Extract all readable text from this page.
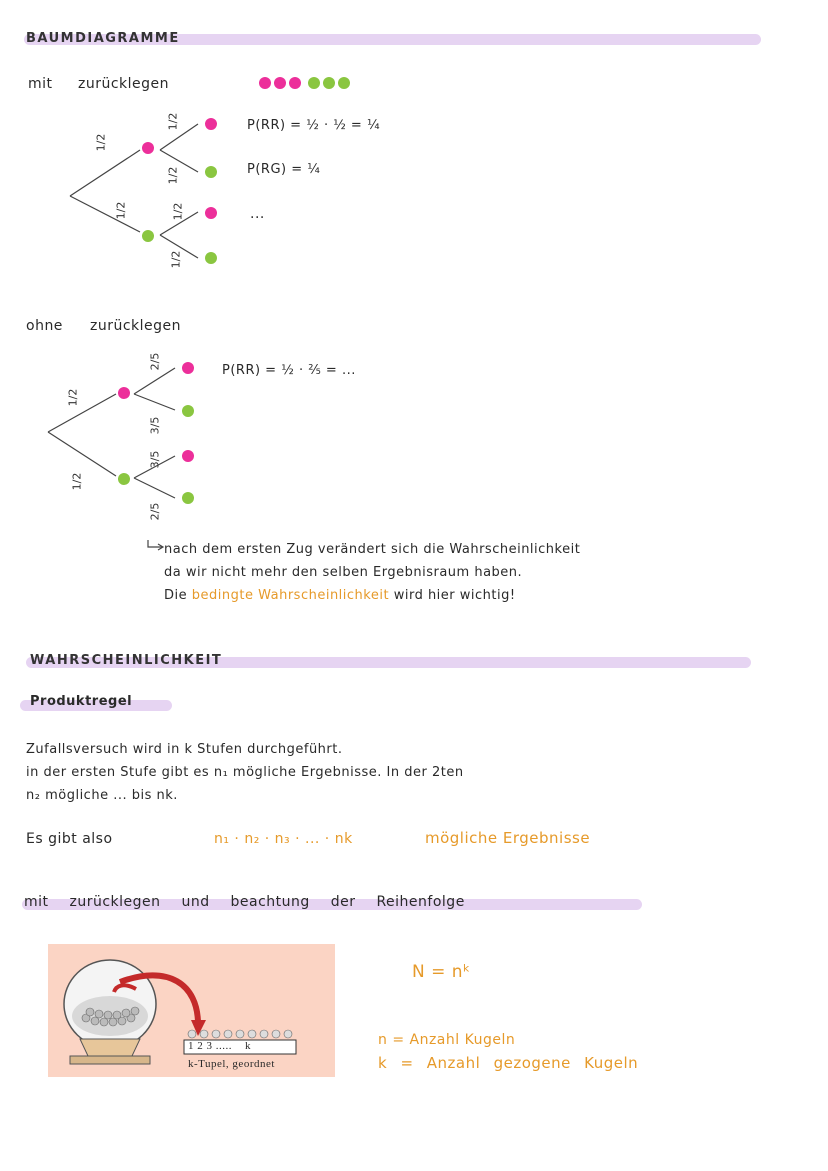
BAUMDIAGRAMME
mit zurücklegen
1/2
1/2
1/2
1/2
1/2
1/2
P(RR) = ½ · ½ = ¼
P(RG) = ¼
...
ohne zurücklegen
1/2
1/2
2/5
3/5
3/5
2/5
P(RR) = ½ · ⅖ = ...
nach dem ersten Zug verändert sich die Wahrscheinlichkeit
da wir nicht mehr den selben Ergebnisraum haben.
Die bedingte Wahrscheinlichkeit wird hier wichtig!
WAHRSCHEINLICHKEIT
Produktregel
Zufallsversuch wird in k Stufen durchgeführt.
in der ersten Stufe gibt es n₁ mögliche Ergebnisse. In der 2ten
n₂ mögliche ... bis nk.
Es gibt also	n₁ · n₂ · n₃ · ... · nk	mögliche Ergebnisse
mit zurücklegen und beachtung der Reihenfolge
1 2 3 .....    k
k-Tupel, geordnet
N = nᵏ
n = Anzahl Kugeln
k = Anzahl gezogene Kugeln
